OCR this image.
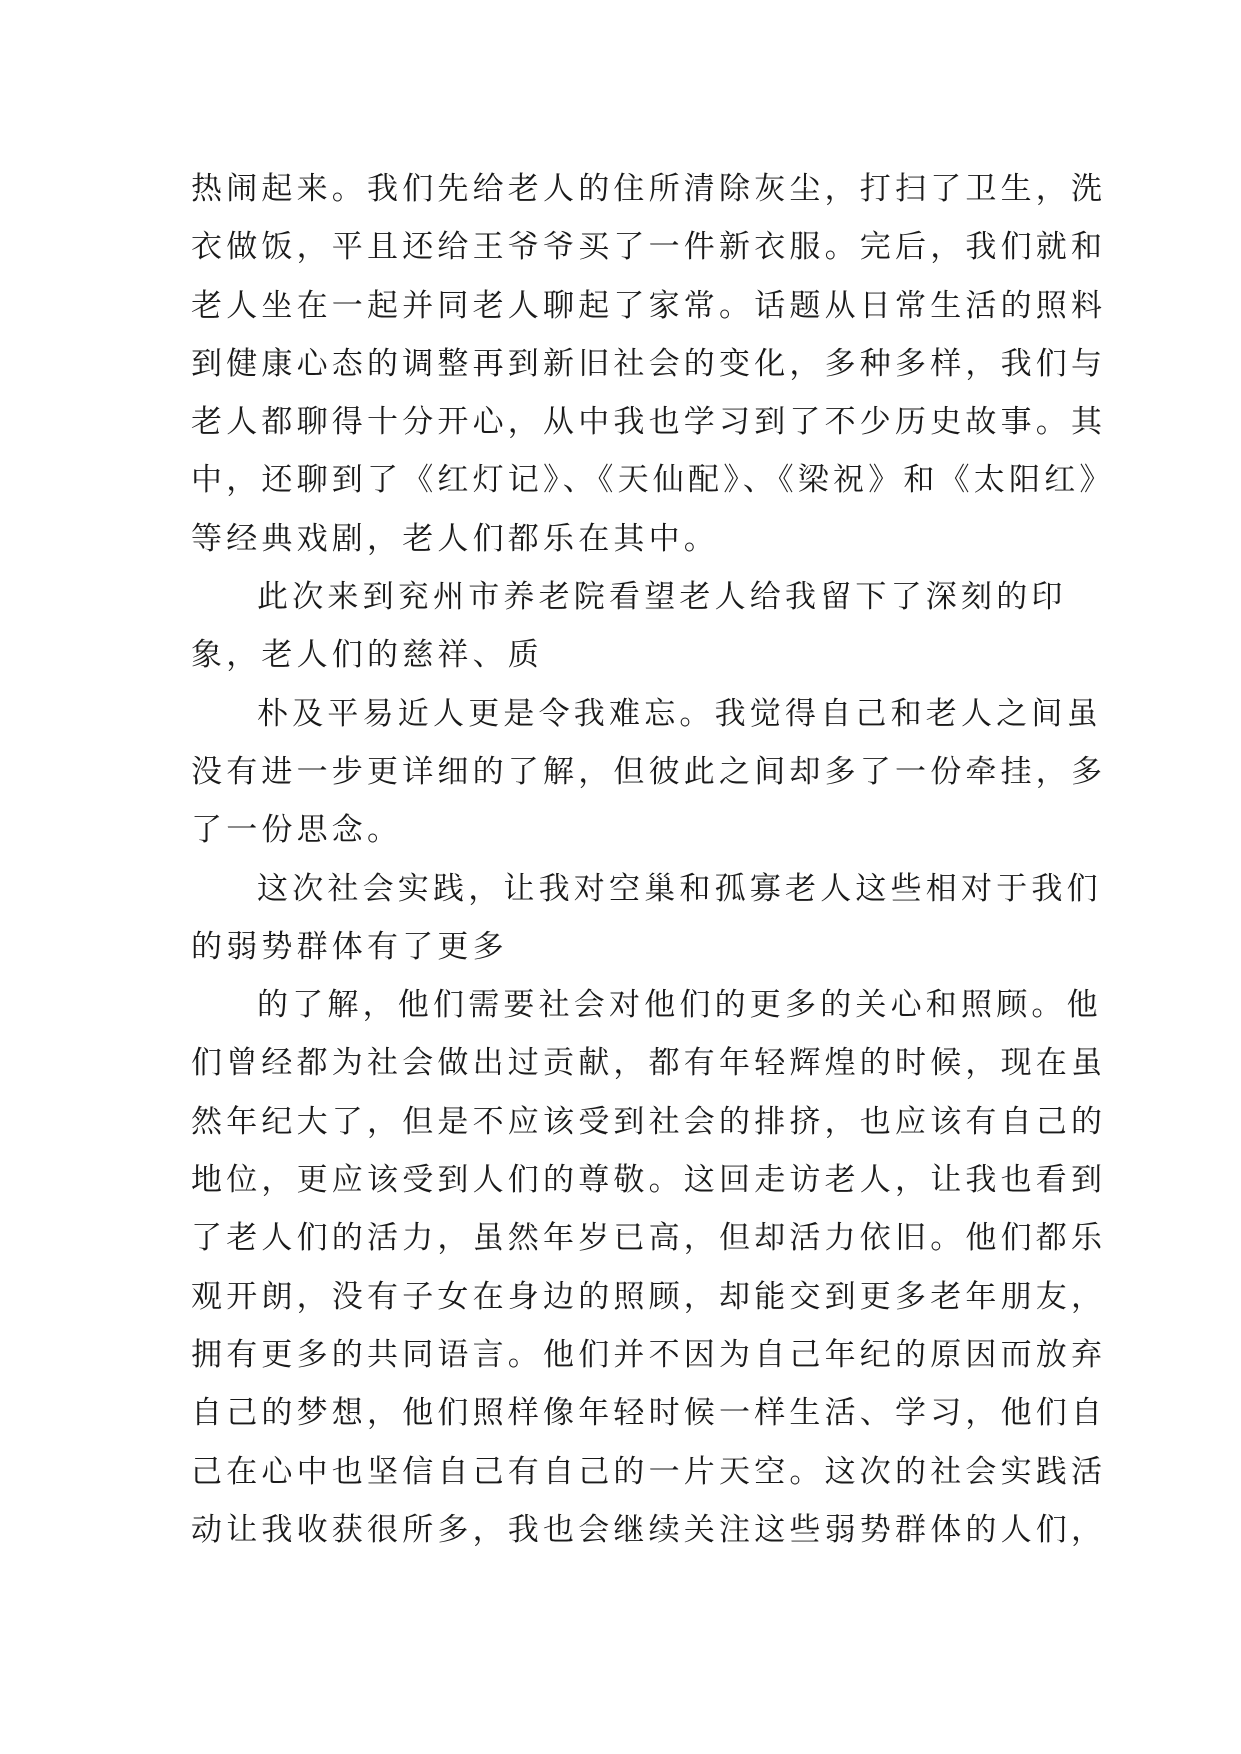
热闹起来。我们先给老人的住所清除灰尘，打扫了卫生，洗
衣做饭，平且还给王爷爷买了一件新衣服。完后，我们就和
老人坐在一起并同老人聊起了家常。话题从日常生活的照料
到健康心态的调整再到新旧社会的变化，多种多样，我们与
老人都聊得十分开心，从中我也学习到了不少历史故事。其
中，还聊到了《红灯记》、《天仙配》、《梁祝》和《太阳红》
等经典戏剧，老人们都乐在其中。
此次来到兖州市养老院看望老人给我留下了深刻的印
象，老人们的慈祥、质
朴及平易近人更是令我难忘。我觉得自己和老人之间虽
没有进一步更详细的了解，但彼此之间却多了一份牵挂，多
了一份思念。
这次社会实践，让我对空巢和孤寡老人这些相对于我们
的弱势群体有了更多
的了解，他们需要社会对他们的更多的关心和照顾。他
们曾经都为社会做出过贡献，都有年轻辉煌的时候，现在虽
然年纪大了，但是不应该受到社会的排挤，也应该有自己的
地位，更应该受到人们的尊敬。这回走访老人，让我也看到
了老人们的活力，虽然年岁已高，但却活力依旧。他们都乐
观开朗，没有子女在身边的照顾，却能交到更多老年朋友，
拥有更多的共同语言。他们并不因为自己年纪的原因而放弃
自己的梦想，他们照样像年轻时候一样生活、学习，他们自
己在心中也坚信自己有自己的一片天空。这次的社会实践活
动让我收获很所多，我也会继续关注这些弱势群体的人们，
